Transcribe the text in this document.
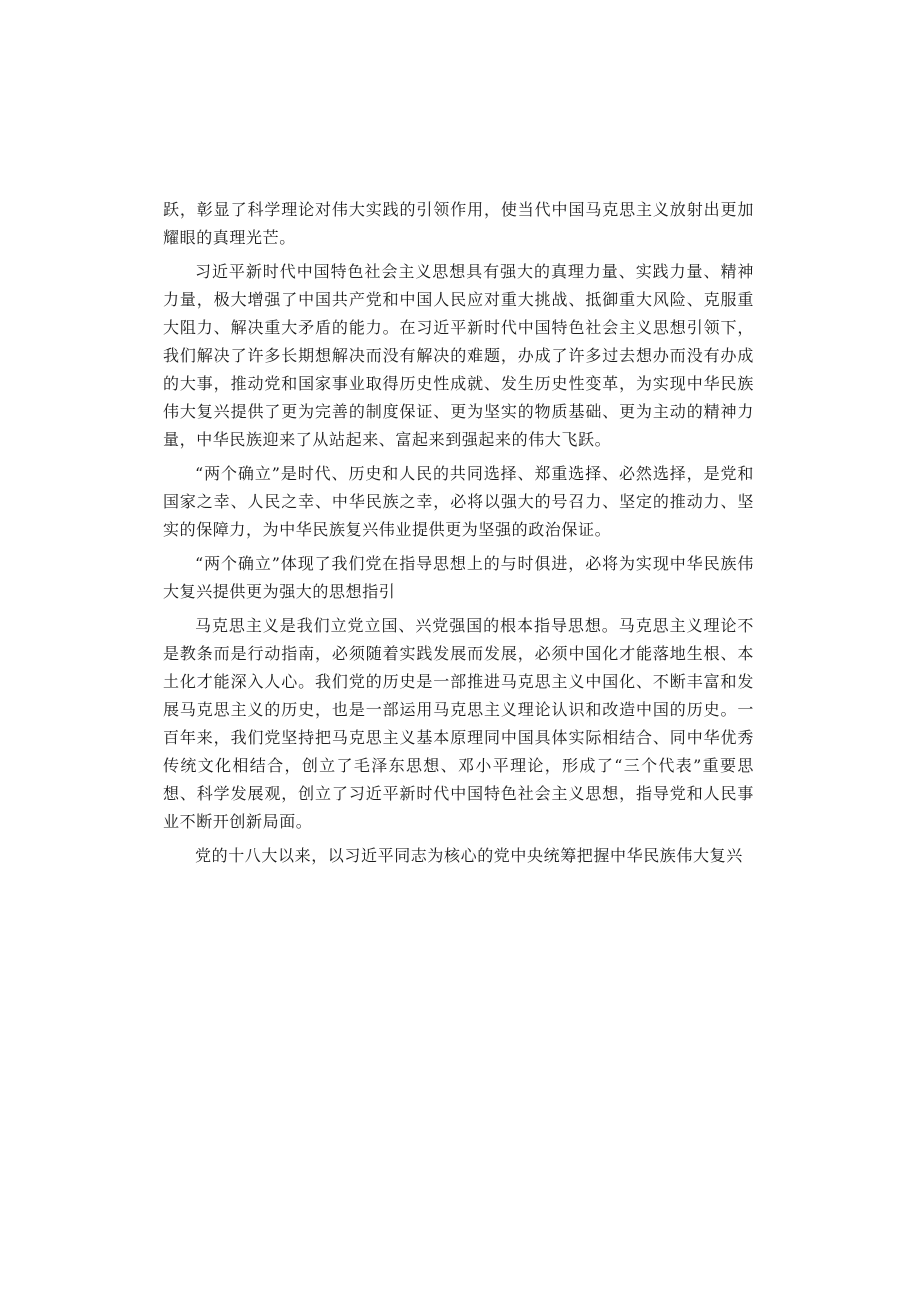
跃，彰显了科学理论对伟大实践的引领作用，使当代中国马克思主义放射出更加耀眼的真理光芒。

习近平新时代中国特色社会主义思想具有强大的真理力量、实践力量、精神力量，极大增强了中国共产党和中国人民应对重大挑战、抵御重大风险、克服重大阻力、解决重大矛盾的能力。在习近平新时代中国特色社会主义思想引领下，我们解决了许多长期想解决而没有解决的难题，办成了许多过去想办而没有办成的大事，推动党和国家事业取得历史性成就、发生历史性变革，为实现中华民族伟大复兴提供了更为完善的制度保证、更为坚实的物质基础、更为主动的精神力量，中华民族迎来了从站起来、富起来到强起来的伟大飞跃。

“两个确立”是时代、历史和人民的共同选择、郑重选择、必然选择，是党和国家之幸、人民之幸、中华民族之幸，必将以强大的号召力、坚定的推动力、坚实的保障力，为中华民族复兴伟业提供更为坚强的政治保证。

“两个确立”体现了我们党在指导思想上的与时俱进，必将为实现中华民族伟大复兴提供更为强大的思想指引

马克思主义是我们立党立国、兴党强国的根本指导思想。马克思主义理论不是教条而是行动指南，必须随着实践发展而发展，必须中国化才能落地生根、本土化才能深入人心。我们党的历史是一部推进马克思主义中国化、不断丰富和发展马克思主义的历史，也是一部运用马克思主义理论认识和改造中国的历史。一百年来，我们党坚持把马克思主义基本原理同中国具体实际相结合、同中华优秀传统文化相结合，创立了毛泽东思想、邓小平理论，形成了“三个代表”重要思想、科学发展观，创立了习近平新时代中国特色社会主义思想，指导党和人民事业不断开创新局面。

党的十八大以来，以习近平同志为核心的党中央统筹把握中华民族伟大复兴
